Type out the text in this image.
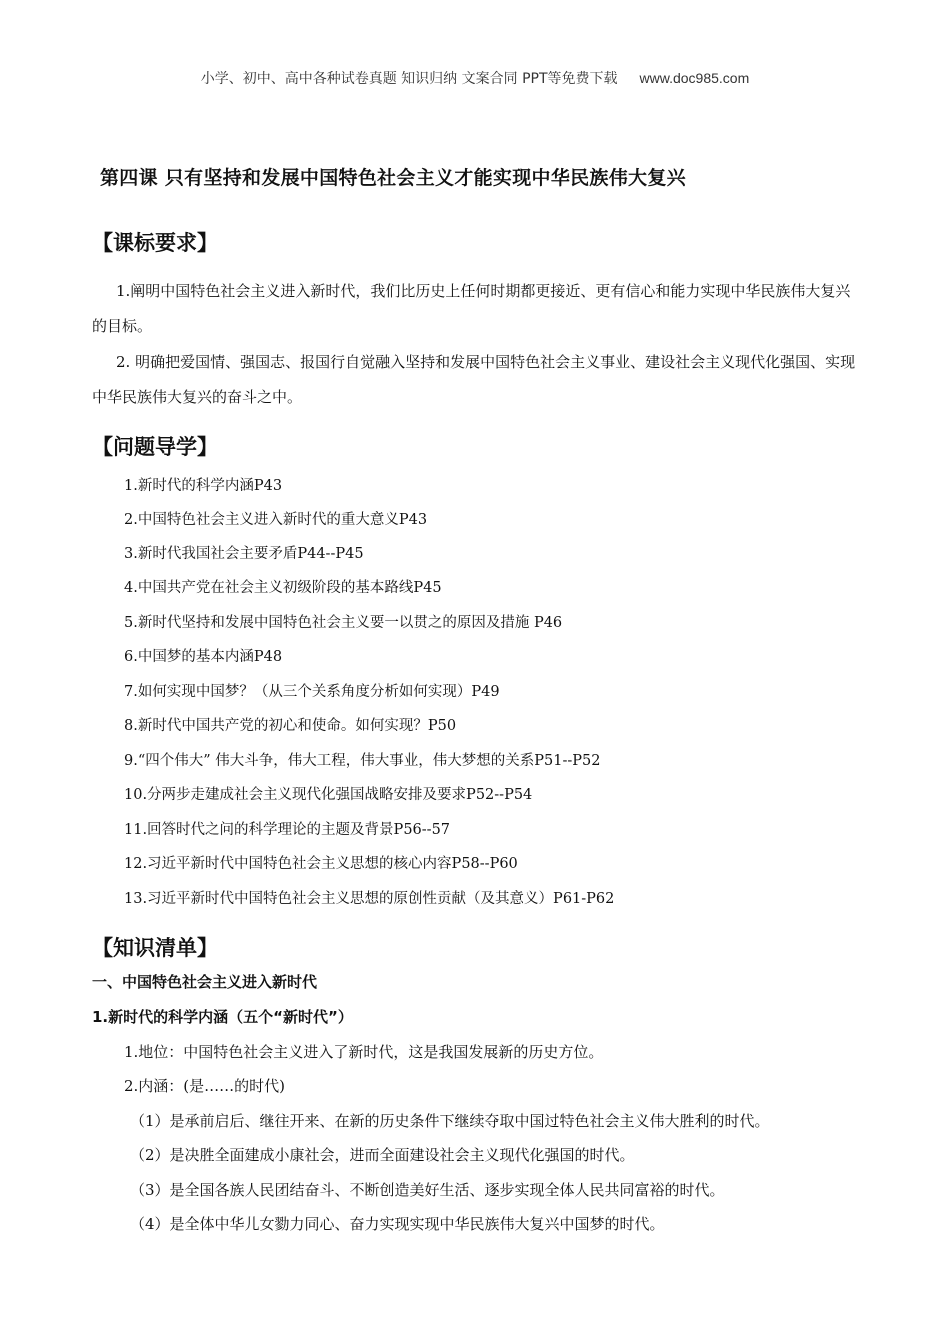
小学、初中、高中各种试卷真题 知识归纳 文案合同 PPT等免费下载 www.doc985.com
第四课 只有坚持和发展中国特色社会主义才能实现中华民族伟大复兴
【课标要求】
1.阐明中国特色社会主义进入新时代，我们比历史上任何时期都更接近、更有信心和能力实现中华民族伟大复兴的目标。
2. 明确把爱国情、强国志、报国行自觉融入坚持和发展中国特色社会主义事业、建设社会主义现代化强国、实现中华民族伟大复兴的奋斗之中。
【问题导学】
1.新时代的科学内涵P43
2.中国特色社会主义进入新时代的重大意义P43
3.新时代我国社会主要矛盾P44--P45
4.中国共产党在社会主义初级阶段的基本路线P45
5.新时代坚持和发展中国特色社会主义要一以贯之的原因及措施 P46
6.中国梦的基本内涵P48
7.如何实现中国梦？（从三个关系角度分析如何实现）P49
8.新时代中国共产党的初心和使命。如何实现？P50
9.“四个伟大” 伟大斗争，伟大工程，伟大事业，伟大梦想的关系P51--P52
10.分两步走建成社会主义现代化强国战略安排及要求P52--P54
11.回答时代之问的科学理论的主题及背景P56--57
12.习近平新时代中国特色社会主义思想的核心内容P58--P60
13.习近平新时代中国特色社会主义思想的原创性贡献（及其意义）P61-P62
【知识清单】
一、中国特色社会主义进入新时代
1.新时代的科学内涵（五个“新时代”）
1.地位：中国特色社会主义进入了新时代，这是我国发展新的历史方位。
2.内涵：(是……的时代)
（1）是承前启后、继往开来、在新的历史条件下继续夺取中国过特色社会主义伟大胜利的时代。
（2）是决胜全面建成小康社会，进而全面建设社会主义现代化强国的时代。
（3）是全国各族人民团结奋斗、不断创造美好生活、逐步实现全体人民共同富裕的时代。
（4）是全体中华儿女勠力同心、奋力实现实现中华民族伟大复兴中国梦的时代。
